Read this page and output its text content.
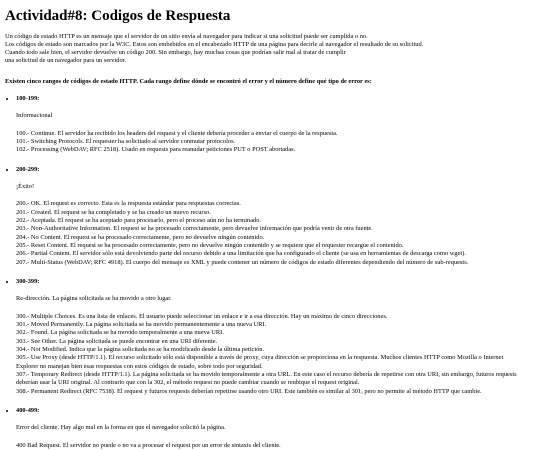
Actividad#8: Codigos de Respuesta

Un código de estado HTTP es un mensaje que el servidor de un sitio envía al navegador para indicar si una solicitud puede ser cumplida o no.

Los códigos de estado son marcados por la W3C. Estos son embebidos en el encabezado HTTP de una página para decirle al navegador el resultado de su solicitud.

Cuando todo sale bien, el servidor devuelve un código 200. Sin embargo, hay muchas cosas que podrían salir mal al tratar de cumplir

una solicitud de un navegador para un servidor.

Existen cinco rangos de códigos de estado HTTP. Cada rango define dónde se encontró el error y el número define qué tipo de error es:

• 100-199:
Informacional

100.- Continue. El servidor ha recibido los headers del request y el cliente debería proceder a enviar el cuerpo de la respuesta.

101.- Switching Protocols. El requester ha solicitado al servidor conmutar protocolos.

102.- Processing (WebDAV; RFC 2518). Usado en requests para reanudar peticiones PUT o POST abortadas.

• 200-299:
¡Éxito!

200.- OK. El request es correcto. Esta es la respuesta estándar para respuestas correctas.

201.- Created. El request se ha completado y se ha creado un nuevo recurso.

202.- Aceptada. El request se ha aceptado para procesarlo, pero el proceso aún no ha terminado.

203.- Non-Authoritative Information. El request se ha procesado correctamente, pero devuelve información que podría venir de otra fuente.

204.- No Content. El request se ha procesado correctamente, pero no devuelve ningún contenido.

205.- Reset Content. El request se ha procesado correctamente, pero no devuelve ningún contenido y se requiere que el requester recargue el contenido.

206.- Partial Content. El servidor sólo está devolviendo parte del recurso debido a una limitación que ha configurado el cliente (se usa en herramientas de descarga como wget).

207.- Multi-Status (WebDAV; RFC 4918). El cuerpo del mensaje es XML y puede contener un número de códigos de estado diferentes dependiendo del número de sub-requests.

• 300-399:
Re-dirección. La página solicitada se ha movido a otro lugar.

300.- Multiple Choices. Es una lista de enlaces. El usuario puede seleccionar un enlace e ir a esa dirección. Hay un máximo de cinco direcciones.

301.- Moved Permanently. La página solicitada se ha movido permanentemente a una nueva URI.

302.- Found. La página solicitada se ha movido temporalmente a una nueva URI.

303.- See Other. La página solicitada se puede encontrar en una URI diferente.

304.- Not Modified. Indica que la página solicitada no se ha modificado desde la última petición.

305.- Use Proxy (desde HTTP/1.1). El recurso solicitado sólo está disponible a través de proxy, cuya dirección se proporciona en la respuesta. Muchos clientes HTTP como Mozilla o Internet Explorer no manejan bien esas respuestas con estos códigos de estado, sobre todo por seguridad.

307.- Temporary Redirect (desde HTTP/1.1). La página solicitada se ha movido temporalmente a otra URL. En este caso el recurso debería de repetirse con otra URI, sin embargo, futuros requests deberían usar la URI original. Al contrario que con la 302, el método request no puede cambiar cuando se reubique el request original.

308.- Permanent Redirect (RFC 7538). El request y futuros requests deberían repetirse usando otro URI. Este también es similar al 301, pero no permite al método HTTP que cambie.

• 400-499:
Error del cliente. Hay algo mal en la forma en que el navegador solicitó la página.

400 Bad Request. El servidor no puede o no va a procesar el request por un error de sintaxis del cliente.
